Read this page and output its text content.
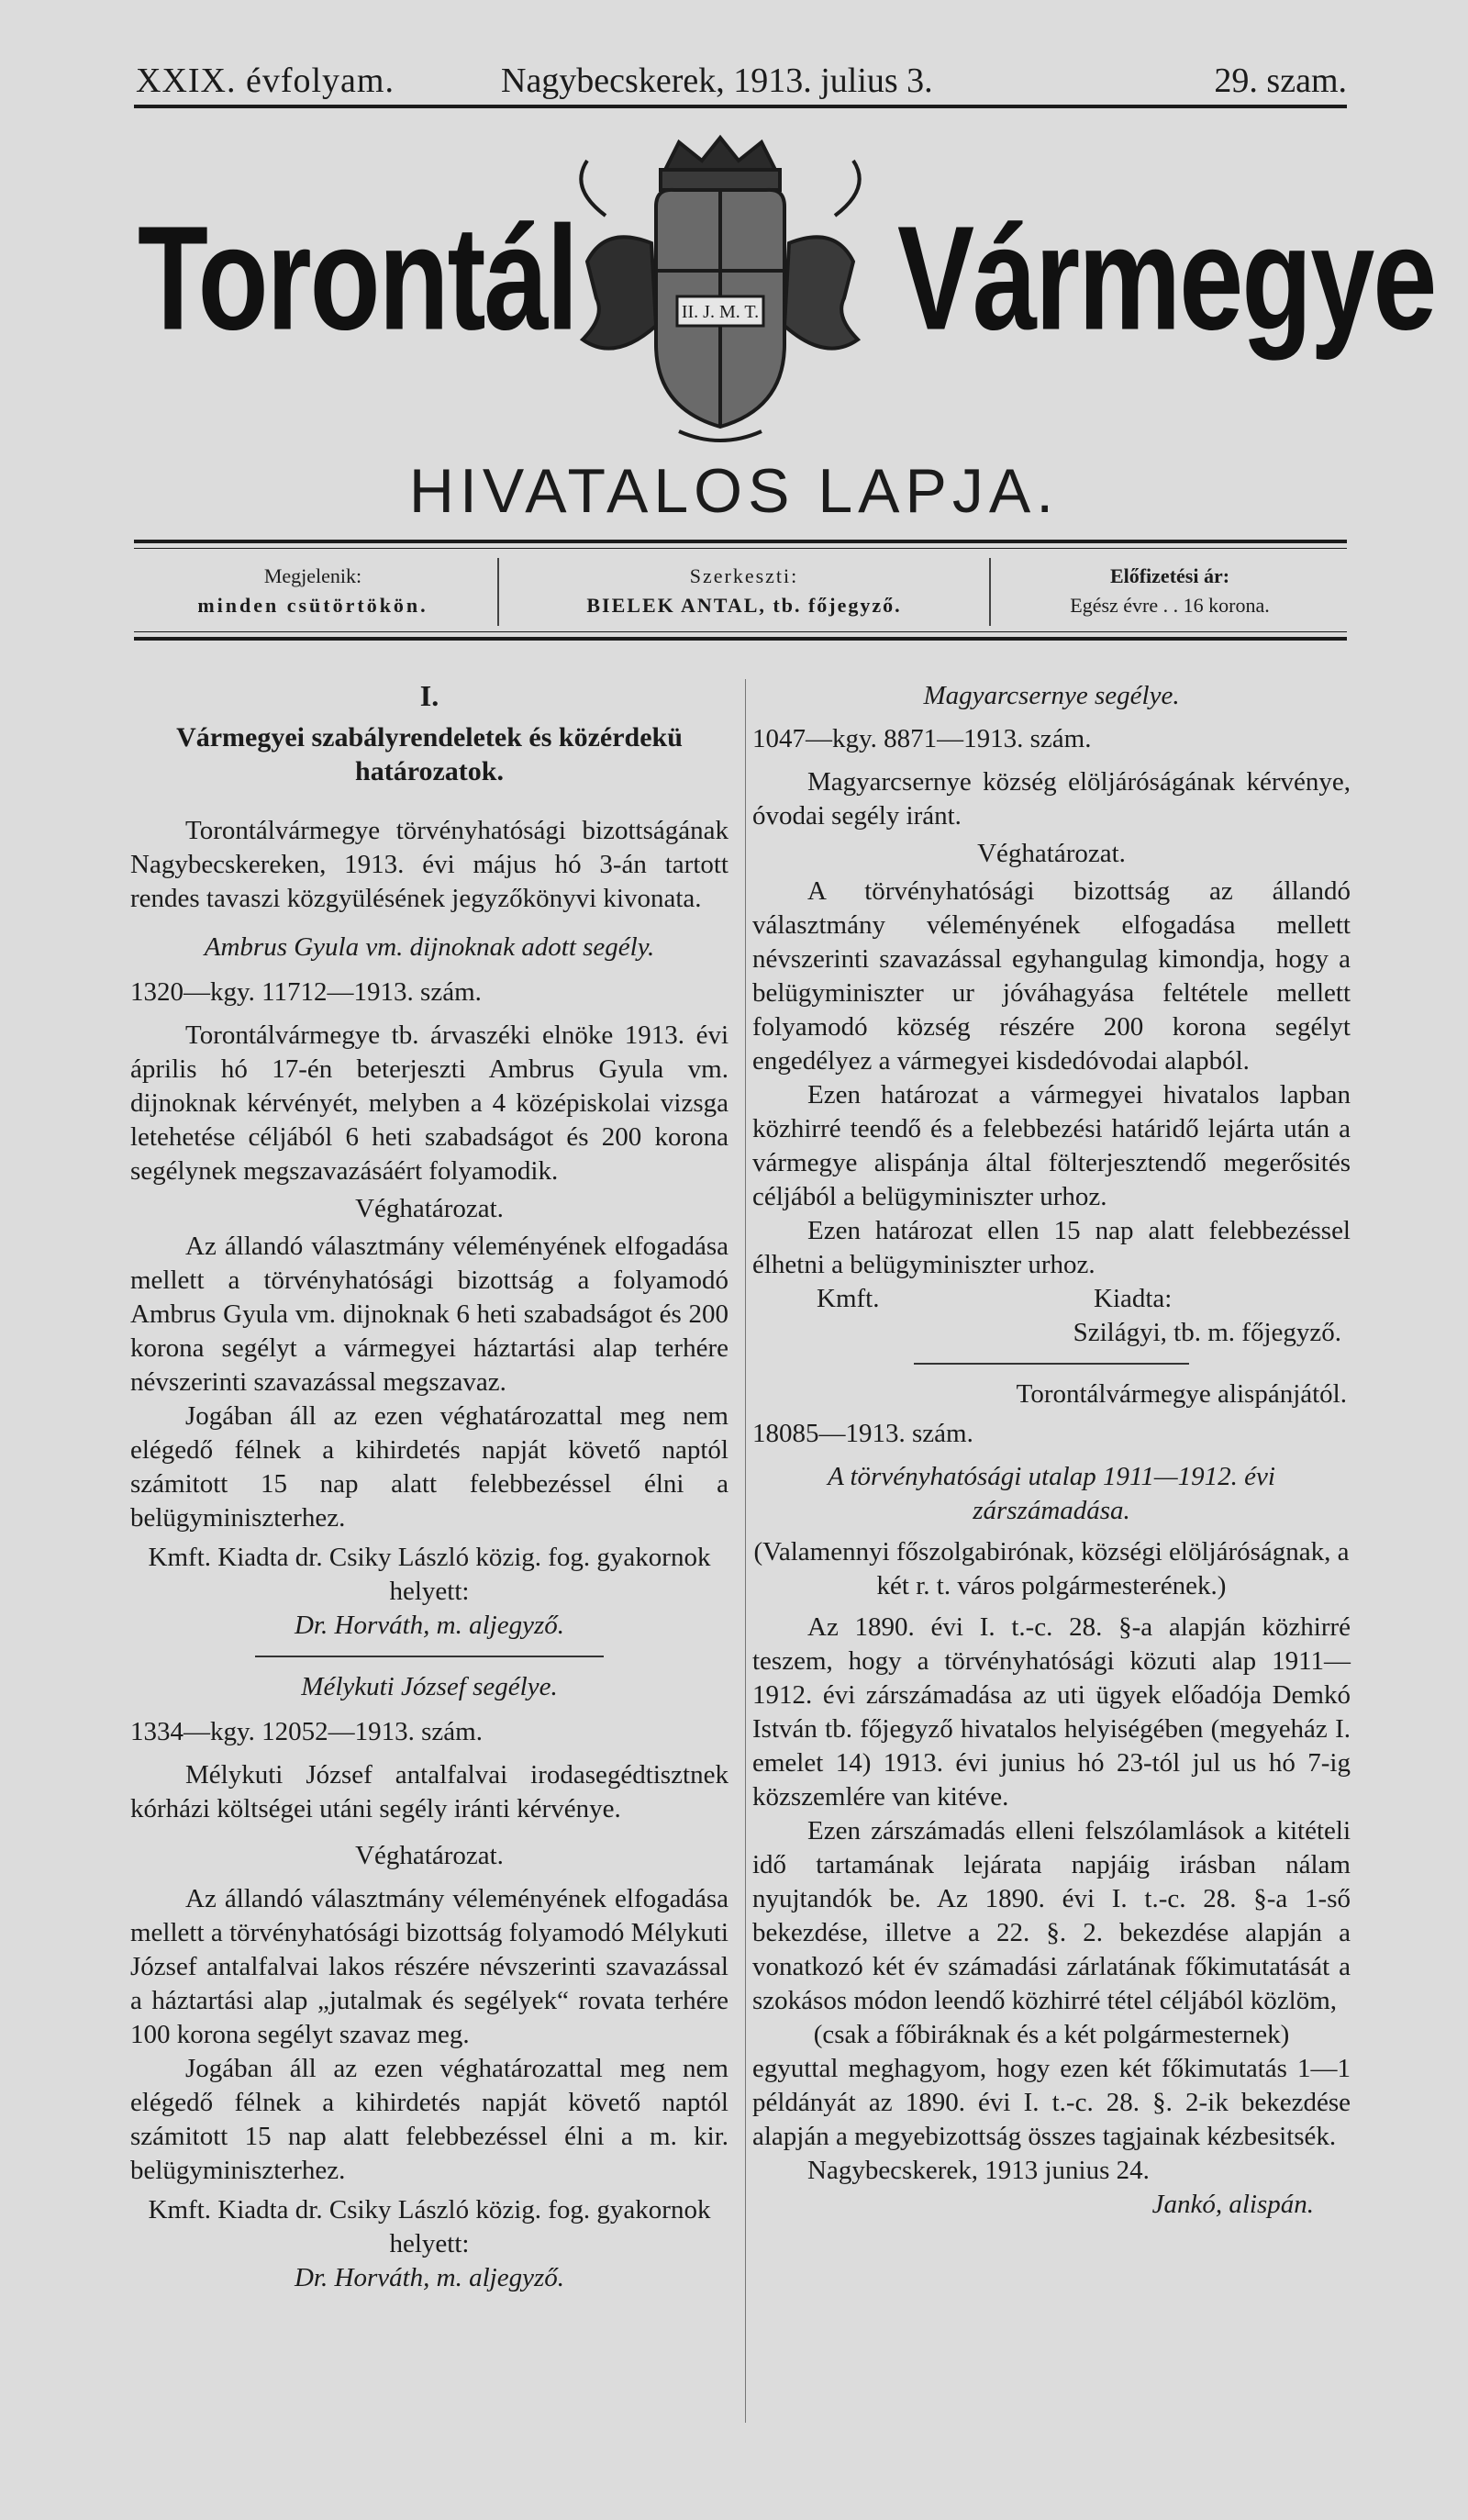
XXIX. évfolyam.	Nagybecskerek, 1913. julius 3.	29. szam.
Torontál	Vármegye
II. J. M. T.
HIVATALOS LAPJA.
Megjelenik:
minden csütörtökön.
Szerkeszti:
BIELEK ANTAL, tb. főjegyző.
Előfizetési ár:
Egész évre . . 16 korona.

I.

Vármegyei szabályrendeletek és közérdekü határozatok.

Torontálvármegye törvényhatósági bizottságának Nagybecskereken, 1913. évi május hó 3-án tartott rendes tavaszi közgyülésének jegyzőkönyvi kivonata.

Ambrus Gyula vm. dijnoknak adott segély.

1320—kgy. 11712—1913. szám.

Torontálvármegye tb. árvaszéki elnöke 1913. évi április hó 17-én beterjeszti Ambrus Gyula vm. dijnoknak kérvényét, melyben a 4 középiskolai vizsga letehetése céljából 6 heti szabadságot és 200 korona segélynek megszavazásáért folyamodik.

Véghatározat.

Az állandó választmány véleményének elfogadása mellett a törvényhatósági bizottság a folyamodó Ambrus Gyula vm. dijnoknak 6 heti szabadságot és 200 korona segélyt a vármegyei háztartási alap terhére névszerinti szavazással megszavaz.

Jogában áll az ezen véghatározattal meg nem elégedő félnek a kihirdetés napját követő naptól számitott 15 nap alatt felebbezéssel élni a belügyminiszterhez.

Kmft. Kiadta dr. Csiky László közig. fog. gyakornok helyett:

Dr. Horváth, m. aljegyző.

Mélykuti József segélye.

1334—kgy. 12052—1913. szám.

Mélykuti József antalfalvai irodasegédtisztnek kórházi költségei utáni segély iránti kérvénye.

Véghatározat.

Az állandó választmány véleményének elfogadása mellett a törvényhatósági bizottság folyamodó Mélykuti József antalfalvai lakos részére névszerinti szavazással a háztartási alap „jutalmak és segélyek“ rovata terhére 100 korona segélyt szavaz meg.

Jogában áll az ezen véghatározattal meg nem elégedő félnek a kihirdetés napját követő naptól számitott 15 nap alatt felebbezéssel élni a m. kir. belügyminiszterhez.

Kmft. Kiadta dr. Csiky László közig. fog. gyakornok helyett:

Dr. Horváth, m. aljegyző.

Magyarcsernye segélye.

1047—kgy. 8871—1913. szám.

Magyarcsernye község elöljáróságának kérvénye, óvodai segély iránt.

Véghatározat.

A törvényhatósági bizottság az állandó választmány véleményének elfogadása mellett névszerinti szavazással egyhangulag kimondja, hogy a belügyminiszter ur jóváhagyása feltétele mellett folyamodó község részére 200 korona segélyt engedélyez a vármegyei kisdedóvodai alapból.

Ezen határozat a vármegyei hivatalos lapban közhirré teendő és a felebbezési határidő lejárta után a vármegye alispánja által fölterjesztendő megerősités céljából a belügyminiszter urhoz.

Ezen határozat ellen 15 nap alatt felebbezéssel élhetni a belügyminiszter urhoz.

Kmft.	Kiadta:

Szilágyi, tb. m. főjegyző.

Torontálvármegye alispánjától.

18085—1913. szám.

A törvényhatósági utalap 1911—1912. évi zárszámadása.

(Valamennyi főszolgabirónak, községi elöljáróságnak, a két r. t. város polgármesterének.)

Az 1890. évi I. t.-c. 28. §-a alapján közhirré teszem, hogy a törvényhatósági közuti alap 1911—1912. évi zárszámadása az uti ügyek előadója Demkó István tb. főjegyző hivatalos helyiségében (megyeház I. emelet 14) 1913. évi junius hó 23-tól jul us hó 7-ig közszemlére van kitéve.

Ezen zárszámadás elleni felszólamlások a kitételi idő tartamának lejárata napjáig irásban nálam nyujtandók be. Az 1890. évi I. t.-c. 28. §-a 1-ső bekezdése, illetve a 22. §. 2. bekezdése alapján a vonatkozó két év számadási zárlatának főkimutatását a szokásos módon leendő közhirré tétel céljából közlöm,

(csak a főbiráknak és a két polgármesternek)

egyuttal meghagyom, hogy ezen két főkimutatás 1—1 példányát az 1890. évi I. t.-c. 28. §. 2-ik bekezdése alapján a megyebizottság összes tagjainak kézbesitsék.

Nagybecskerek, 1913 junius 24.

Jankó, alispán.
